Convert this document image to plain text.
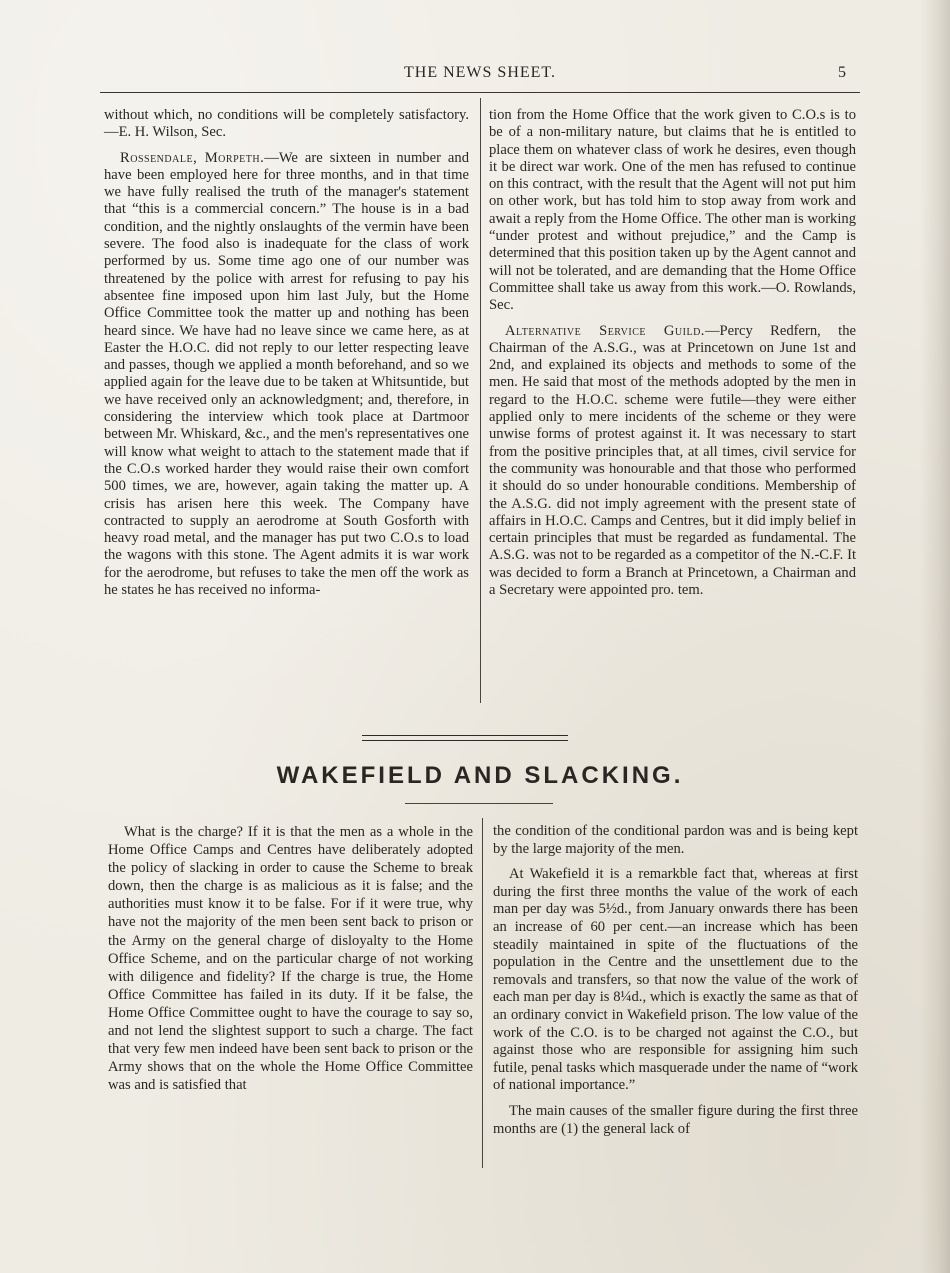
THE NEWS SHEET.	5

without which, no conditions will be completely satisfactory.—E. H. Wilson, Sec.

Rossendale, Morpeth.—We are sixteen in number and have been employed here for three months, and in that time we have fully realised the truth of the manager's statement that “this is a commercial concern.” The house is in a bad condition, and the nightly onslaughts of the vermin have been severe. The food also is inadequate for the class of work performed by us. Some time ago one of our number was threatened by the police with arrest for refusing to pay his absentee fine imposed upon him last July, but the Home Office Committee took the matter up and nothing has been heard since. We have had no leave since we came here, as at Easter the H.O.C. did not reply to our letter respecting leave and passes, though we applied a month beforehand, and so we applied again for the leave due to be taken at Whitsuntide, but we have received only an acknowledgment; and, therefore, in considering the interview which took place at Dartmoor between Mr. Whiskard, &c., and the men's representatives one will know what weight to attach to the statement made that if the C.O.s worked harder they would raise their own comfort 500 times, we are, however, again taking the matter up. A crisis has arisen here this week. The Company have contracted to supply an aerodrome at South Gosforth with heavy road metal, and the manager has put two C.O.s to load the wagons with this stone. The Agent admits it is war work for the aerodrome, but refuses to take the men off the work as he states he has received no informa-

tion from the Home Office that the work given to C.O.s is to be of a non-military nature, but claims that he is entitled to place them on whatever class of work he desires, even though it be direct war work. One of the men has refused to continue on this contract, with the result that the Agent will not put him on other work, but has told him to stop away from work and await a reply from the Home Office. The other man is working “under protest and without prejudice,” and the Camp is determined that this position taken up by the Agent cannot and will not be tolerated, and are demanding that the Home Office Committee shall take us away from this work.—O. Rowlands, Sec.

Alternative Service Guild.—Percy Redfern, the Chairman of the A.S.G., was at Princetown on June 1st and 2nd, and explained its objects and methods to some of the men. He said that most of the methods adopted by the men in regard to the H.O.C. scheme were futile—they were either applied only to mere incidents of the scheme or they were unwise forms of protest against it. It was necessary to start from the positive principles that, at all times, civil service for the community was honourable and that those who performed it should do so under honourable conditions. Membership of the A.S.G. did not imply agreement with the present state of affairs in H.O.C. Camps and Centres, but it did imply belief in certain principles that must be regarded as fundamental. The A.S.G. was not to be regarded as a competitor of the N.-C.F. It was decided to form a Branch at Princetown, a Chairman and a Secretary were appointed pro. tem.

WAKEFIELD AND SLACKING.

What is the charge? If it is that the men as a whole in the Home Office Camps and Centres have deliberately adopted the policy of slacking in order to cause the Scheme to break down, then the charge is as malicious as it is false; and the authorities must know it to be false. For if it were true, why have not the majority of the men been sent back to prison or the Army on the general charge of disloyalty to the Home Office Scheme, and on the particular charge of not working with diligence and fidelity? If the charge is true, the Home Office Committee has failed in its duty. If it be false, the Home Office Committee ought to have the courage to say so, and not lend the slightest support to such a charge. The fact that very few men indeed have been sent back to prison or the Army shows that on the whole the Home Office Committee was and is satisfied that

the condition of the conditional pardon was and is being kept by the large majority of the men.

At Wakefield it is a remarkble fact that, whereas at first during the first three months the value of the work of each man per day was 5½d., from January onwards there has been an increase of 60 per cent.—an increase which has been steadily maintained in spite of the fluctuations of the population in the Centre and the unsettlement due to the removals and transfers, so that now the value of the work of each man per day is 8¼d., which is exactly the same as that of an ordinary convict in Wakefield prison. The low value of the work of the C.O. is to be charged not against the C.O., but against those who are responsible for assigning him such futile, penal tasks which masquerade under the name of “work of national importance.”

The main causes of the smaller figure during the first three months are (1) the general lack of
